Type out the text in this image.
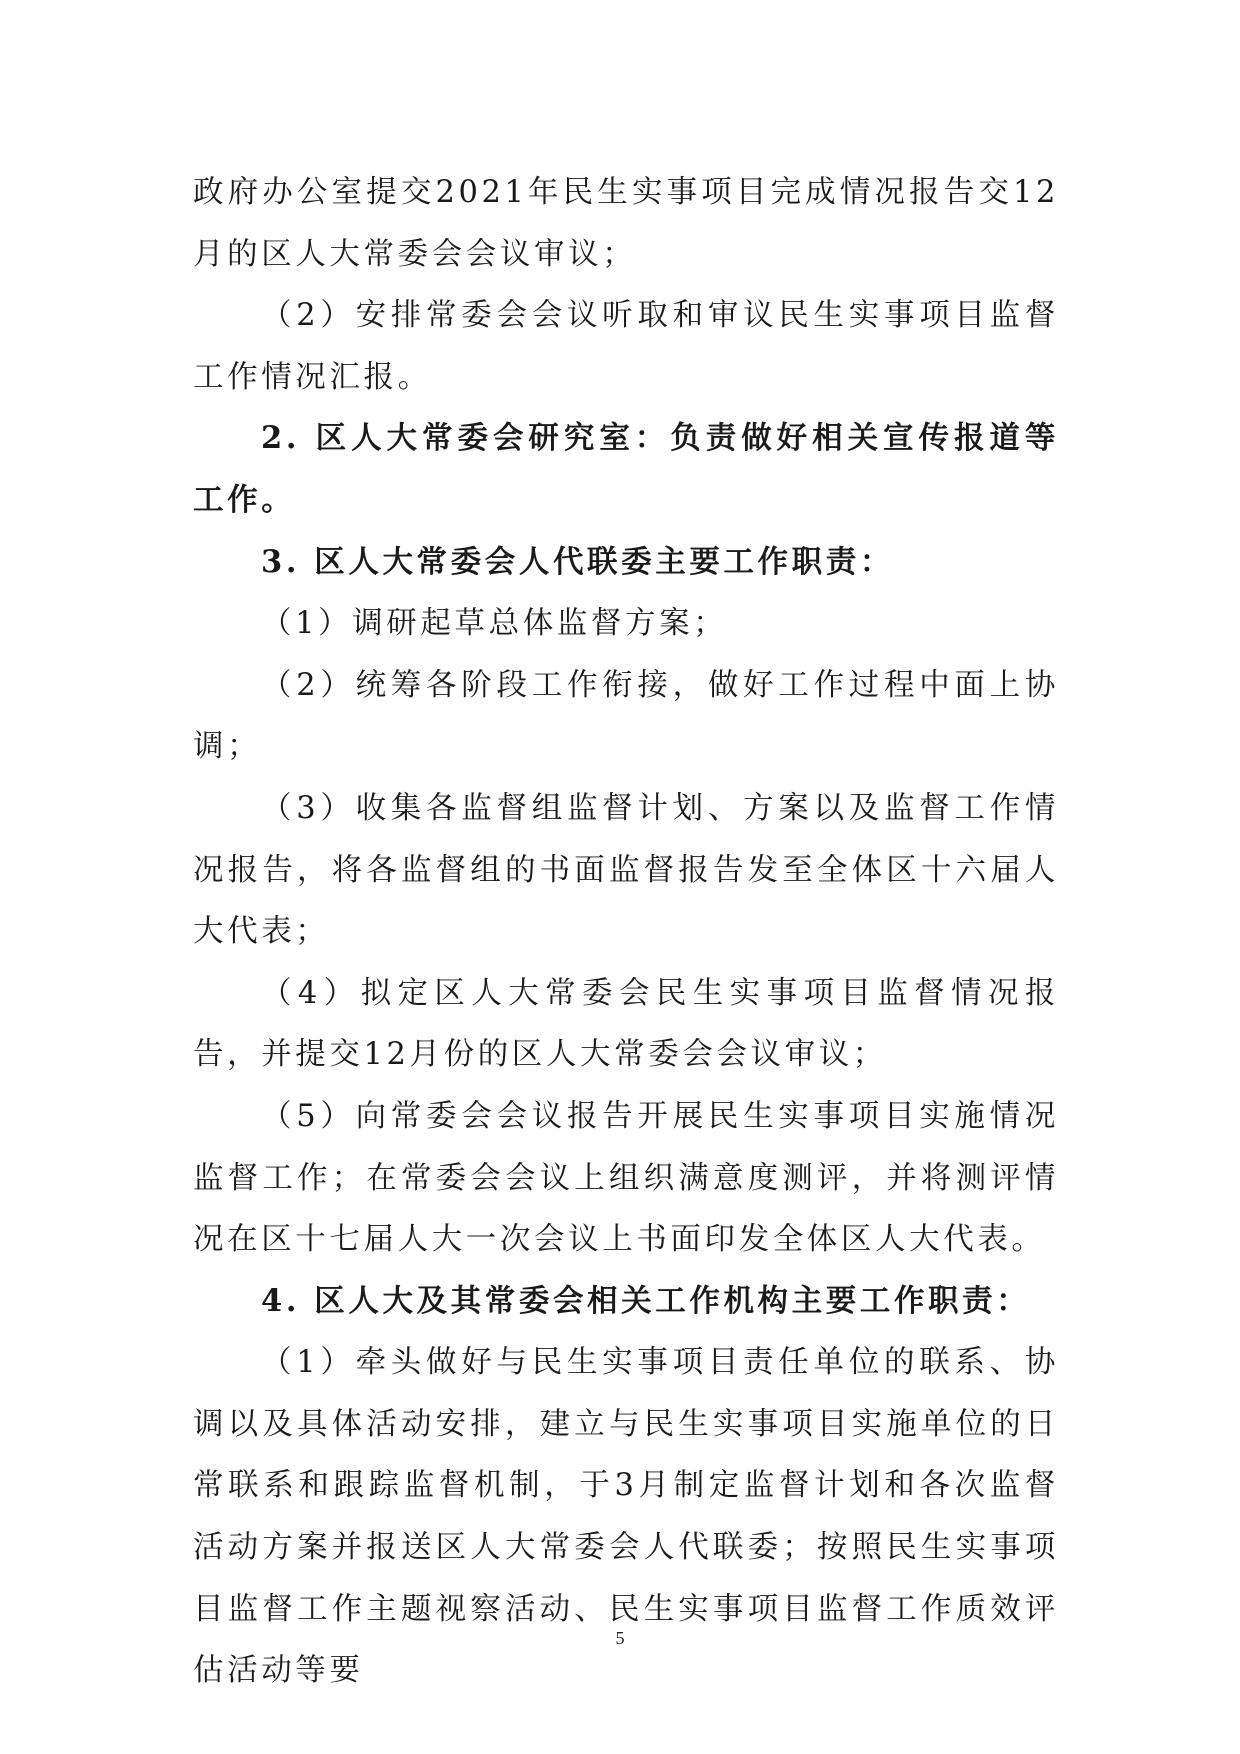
政府办公室提交2021年民生实事项目完成情况报告交12月的区人大常委会会议审议；

（2）安排常委会会议听取和审议民生实事项目监督工作情况汇报。

2. 区人大常委会研究室：负责做好相关宣传报道等工作。

3. 区人大常委会人代联委主要工作职责：

（1）调研起草总体监督方案；

（2）统筹各阶段工作衔接，做好工作过程中面上协调；

（3）收集各监督组监督计划、方案以及监督工作情况报告，将各监督组的书面监督报告发至全体区十六届人大代表；

（4）拟定区人大常委会民生实事项目监督情况报告，并提交12月份的区人大常委会会议审议；

（5）向常委会会议报告开展民生实事项目实施情况监督工作；在常委会会议上组织满意度测评，并将测评情况在区十七届人大一次会议上书面印发全体区人大代表。

4. 区人大及其常委会相关工作机构主要工作职责：

（1）牵头做好与民生实事项目责任单位的联系、协调以及具体活动安排，建立与民生实事项目实施单位的日常联系和跟踪监督机制，于3月制定监督计划和各次监督活动方案并报送区人大常委会人代联委；按照民生实事项目监督工作主题视察活动、民生实事项目监督工作质效评估活动等要

5
